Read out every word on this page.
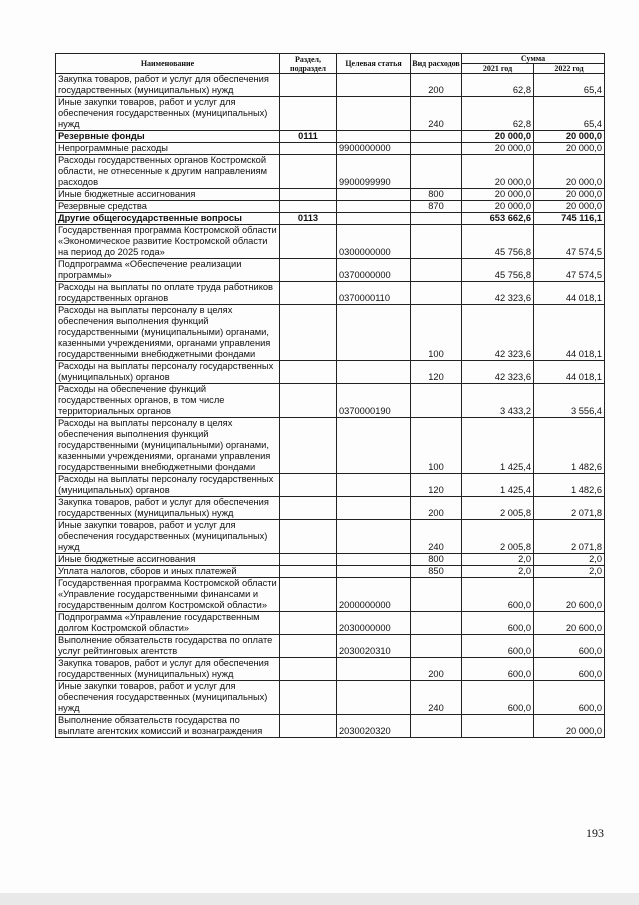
Наименование	Раздел, подраздел	Целевая статья	Вид расходов	Сумма	
				2021 год	2022 год
Закупка товаров, работ и услуг для обеспечения государственных (муниципальных) нужд			200	62,8	65,4
Иные закупки товаров, работ и услуг для обеспечения государственных (муниципальных) нужд			240	62,8	65,4
Резервные фонды	0111			20 000,0	20 000,0
Непрограммные расходы		9900000000		20 000,0	20 000,0
Расходы государственных органов Костромской области, не отнесенные к другим направлениям расходов		9900099990		20 000,0	20 000,0
Иные бюджетные ассигнования			800	20 000,0	20 000,0
Резервные средства			870	20 000,0	20 000,0
Другие общегосударственные вопросы	0113			653 662,6	745 116,1
Государственная программа Костромской области «Экономическое развитие Костромской области на период до 2025 года»		0300000000		45 756,8	47 574,5
Подпрограмма «Обеспечение реализации программы»		0370000000		45 756,8	47 574,5
Расходы на выплаты по оплате труда работников государственных органов		0370000110		42 323,6	44 018,1
Расходы на выплаты персоналу в целях обеспечения выполнения функций государственными (муниципальными) органами, казенными учреждениями, органами управления государственными внебюджетными фондами			100	42 323,6	44 018,1
Расходы на выплаты персоналу государственных (муниципальных) органов			120	42 323,6	44 018,1
Расходы на обеспечение функций государственных органов, в том числе территориальных органов		0370000190		3 433,2	3 556,4
Расходы на выплаты персоналу в целях обеспечения выполнения функций государственными (муниципальными) органами, казенными учреждениями, органами управления государственными внебюджетными фондами			100	1 425,4	1 482,6
Расходы на выплаты персоналу государственных (муниципальных) органов			120	1 425,4	1 482,6
Закупка товаров, работ и услуг для обеспечения государственных (муниципальных) нужд			200	2 005,8	2 071,8
Иные закупки товаров, работ и услуг для обеспечения государственных (муниципальных) нужд			240	2 005,8	2 071,8
Иные бюджетные ассигнования			800	2,0	2,0
Уплата налогов, сборов и иных платежей			850	2,0	2,0
Государственная программа Костромской области «Управление государственными финансами и государственным долгом Костромской области»		2000000000		600,0	20 600,0
Подпрограмма «Управление государственным долгом Костромской области»		2030000000		600,0	20 600,0
Выполнение обязательств государства по оплате услуг рейтинговых агентств		2030020310		600,0	600,0
Закупка товаров, работ и услуг для обеспечения государственных (муниципальных) нужд			200	600,0	600,0
Иные закупки товаров, работ и услуг для обеспечения государственных (муниципальных) нужд			240	600,0	600,0
Выполнение обязательств государства по выплате агентских комиссий и вознаграждения		2030020320			20 000,0
193
